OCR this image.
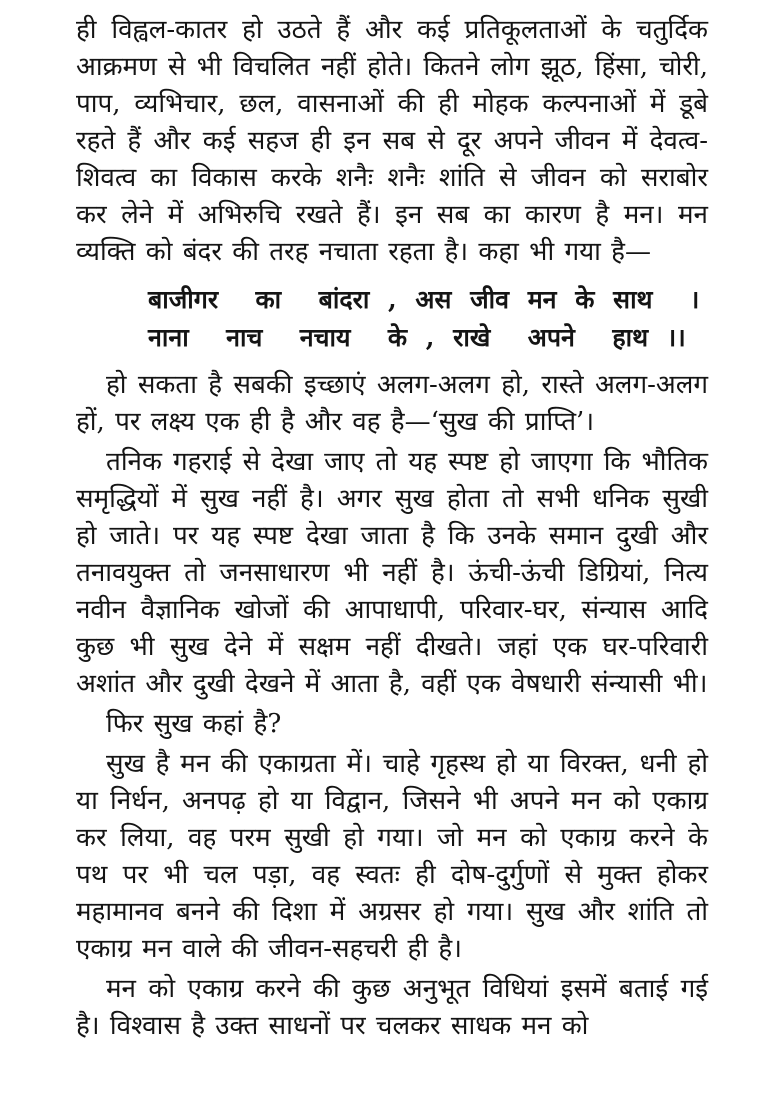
ही विह्वल-कातर हो उठते हैं और कई प्रतिकूलताओं के चतुर्दिक आक्रमण से भी विचलित नहीं होते। कितने लोग झूठ, हिंसा, चोरी, पाप, व्यभिचार, छल, वासनाओं की ही मोहक कल्पनाओं में डूबे रहते हैं और कई सहज ही इन सब से दूर अपने जीवन में देवत्व-शिवत्व का विकास करके शनैः शनैः शांति से जीवन को सराबोर कर लेने में अभिरुचि रखते हैं। इन सब का कारण है मन। मन व्यक्ति को बंदर की तरह नचाता रहता है। कहा भी गया है—

बाजीगर  का  बांदरा , अस जीव मन के साथ  ।
नाना  नाच  नचाय  के , राखे  अपने  हाथ ।।

हो सकता है सबकी इच्छाएं अलग-अलग हो, रास्ते अलग-अलग हों, पर लक्ष्य एक ही है और वह है—‘सुख की प्राप्ति’।

तनिक गहराई से देखा जाए तो यह स्पष्ट हो जाएगा कि भौतिक समृद्धियों में सुख नहीं है। अगर सुख होता तो सभी धनिक सुखी हो जाते। पर यह स्पष्ट देखा जाता है कि उनके समान दुखी और तनावयुक्त तो जनसाधारण भी नहीं है। ऊंची-ऊंची डिग्रियां, नित्य नवीन वैज्ञानिक खोजों की आपाधापी, परिवार-घर, संन्यास आदि कुछ भी सुख देने में सक्षम नहीं दीखते। जहां एक घर-परिवारी अशांत और दुखी देखने में आता है, वहीं एक वेषधारी संन्यासी भी।

फिर सुख कहां है?

सुख है मन की एकाग्रता में। चाहे गृहस्थ हो या विरक्त, धनी हो या निर्धन, अनपढ़ हो या विद्वान, जिसने भी अपने मन को एकाग्र कर लिया, वह परम सुखी हो गया। जो मन को एकाग्र करने के पथ पर भी चल पड़ा, वह स्वतः ही दोष-दुर्गुणों से मुक्त होकर महामानव बनने की दिशा में अग्रसर हो गया। सुख और शांति तो एकाग्र मन वाले की जीवन-सहचरी ही है।

मन को एकाग्र करने की कुछ अनुभूत विधियां इसमें बताई गई है। विश्वास है उक्त साधनों पर चलकर साधक मन को
